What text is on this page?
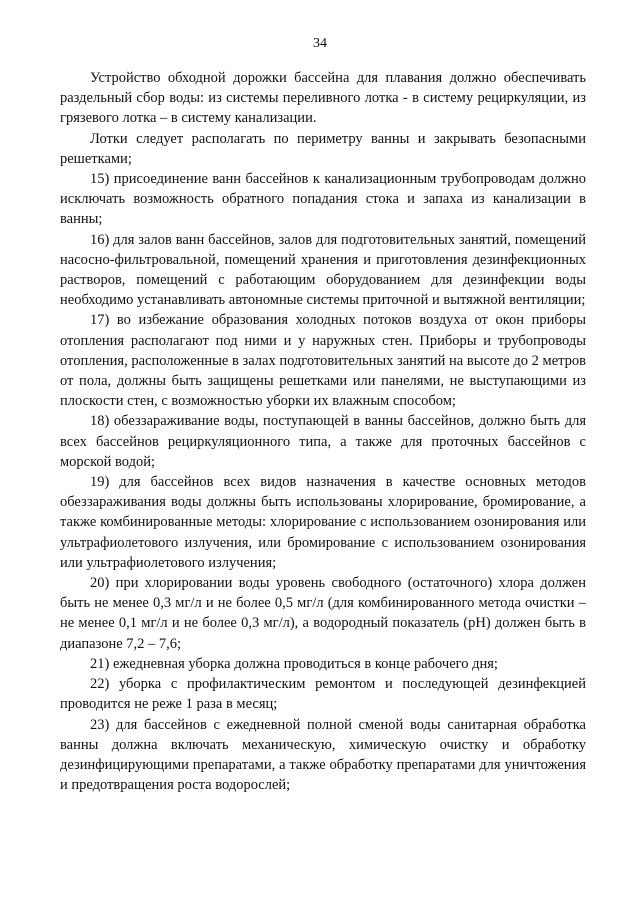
34

Устройство обходной дорожки бассейна для плавания должно обеспечивать раздельный сбор воды: из системы переливного лотка - в систему рециркуляции, из грязевого лотка – в систему канализации.

Лотки следует располагать по периметру ванны и закрывать безопасными решетками;

15) присоединение ванн бассейнов к канализационным трубопроводам должно исключать возможность обратного попадания стока и запаха из канализации в ванны;

16) для залов ванн бассейнов, залов для подготовительных занятий, помещений насосно-фильтровальной, помещений хранения и приготовления дезинфекционных растворов, помещений с работающим оборудованием для дезинфекции воды необходимо устанавливать автономные системы приточной и вытяжной вентиляции;

17) во избежание образования холодных потоков воздуха от окон приборы отопления располагают под ними и у наружных стен. Приборы и трубопроводы отопления, расположенные в залах подготовительных занятий на высоте до 2 метров от пола, должны быть защищены решетками или панелями, не выступающими из плоскости стен, с возможностью уборки их влажным способом;

18) обеззараживание воды, поступающей в ванны бассейнов, должно быть для всех бассейнов рециркуляционного типа, а также для проточных бассейнов с морской водой;

19) для бассейнов всех видов назначения в качестве основных методов обеззараживания воды должны быть использованы хлорирование, бромирование, а также комбинированные методы: хлорирование с использованием озонирования или ультрафиолетового излучения, или бромирование с использованием озонирования или ультрафиолетового излучения;

20) при хлорировании воды уровень свободного (остаточного) хлора должен быть не менее 0,3 мг/л и не более 0,5 мг/л (для комбинированного метода очистки – не менее 0,1 мг/л и не более 0,3 мг/л), а водородный показатель (pH) должен быть в диапазоне 7,2 – 7,6;

21) ежедневная уборка должна проводиться в конце рабочего дня;

22) уборка с профилактическим ремонтом и последующей дезинфекцией проводится не реже 1 раза в месяц;

23) для бассейнов с ежедневной полной сменой воды санитарная обработка ванны должна включать механическую, химическую очистку и обработку дезинфицирующими препаратами, а также обработку препаратами для уничтожения и предотвращения роста водорослей;
